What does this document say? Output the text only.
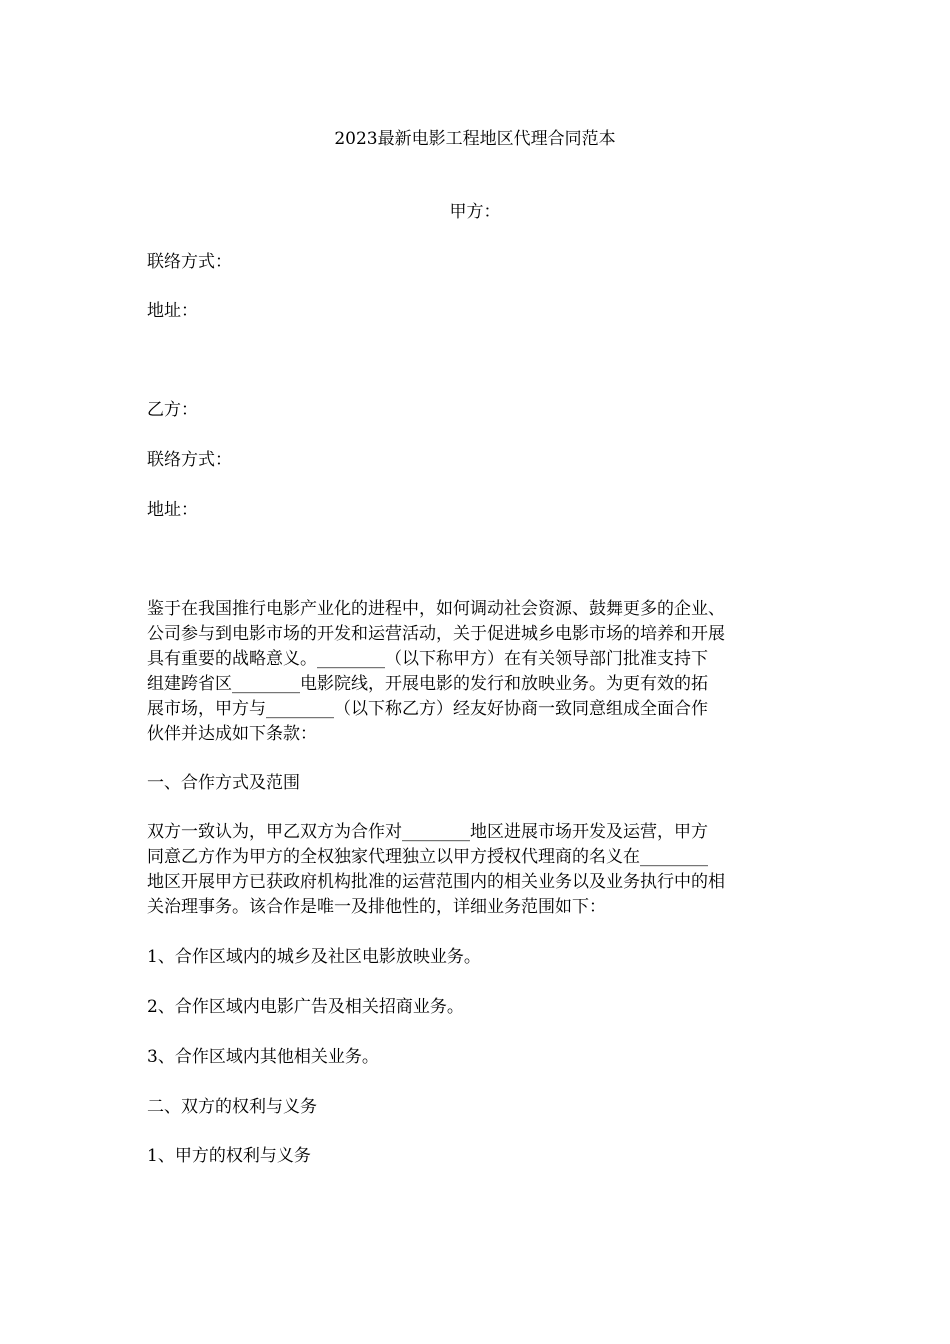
2023最新电影工程地区代理合同范本
甲方：
联络方式：
地址：
乙方：
联络方式：
地址：
鉴于在我国推行电影产业化的进程中，如何调动社会资源、鼓舞更多的企业、
公司参与到电影市场的开发和运营活动，关于促进城乡电影市场的培养和开展
具有重要的战略意义。________（以下称甲方）在有关领导部门批准支持下
组建跨省区________电影院线，开展电影的发行和放映业务。为更有效的拓
展市场，甲方与________（以下称乙方）经友好协商一致同意组成全面合作
伙伴并达成如下条款：
一、合作方式及范围
双方一致认为，甲乙双方为合作对________地区进展市场开发及运营，甲方
同意乙方作为甲方的全权独家代理独立以甲方授权代理商的名义在________
地区开展甲方已获政府机构批准的运营范围内的相关业务以及业务执行中的相
关治理事务。该合作是唯一及排他性的，详细业务范围如下：
1、合作区域内的城乡及社区电影放映业务。
2、合作区域内电影广告及相关招商业务。
3、合作区域内其他相关业务。
二、双方的权利与义务
1、甲方的权利与义务
